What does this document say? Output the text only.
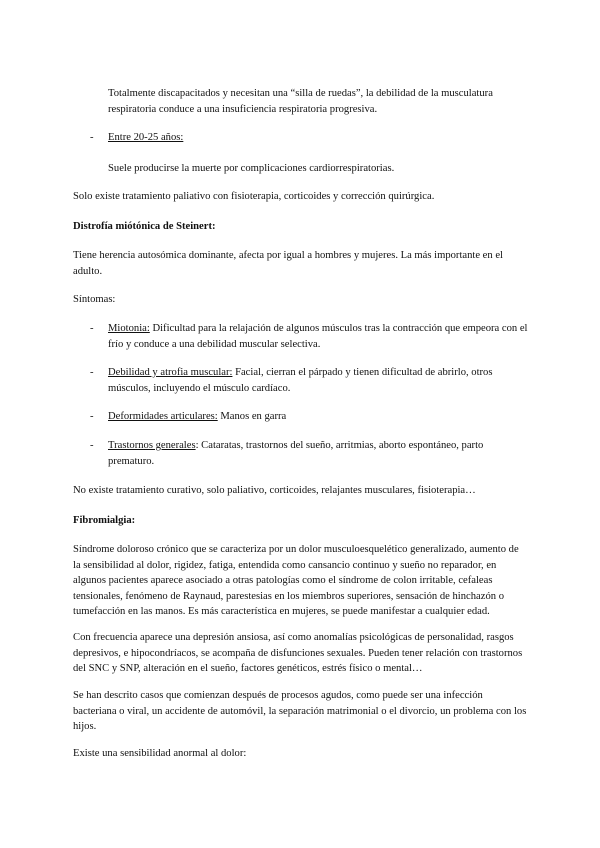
Totalmente discapacitados y necesitan una “silla de ruedas”, la debilidad de la musculatura respiratoria conduce a una insuficiencia respiratoria progresiva.

- Entre 20-25 años:

Suele producirse la muerte por complicaciones cardiorrespiratorias.

Solo existe tratamiento paliativo con fisioterapia, corticoides y corrección quirúrgica.

Distrofía miótónica de Steinert:

Tiene herencia autosómica dominante, afecta por igual a hombres y mujeres. La más importante en el adulto.

Síntomas:

- Miotonia: Dificultad para la relajación de algunos músculos tras la contracción que empeora con el frío y conduce a una debilidad muscular selectiva.

- Debilidad y atrofia muscular: Facial, cierran el párpado y tienen dificultad de abrirlo, otros músculos, incluyendo el músculo cardíaco.

- Deformidades articulares: Manos en garra

- Trastornos generales: Cataratas, trastornos del sueño, arritmias, aborto espontáneo, parto prematuro.

No existe tratamiento curativo, solo paliativo, corticoides, relajantes musculares, fisioterapia…

Fibromialgia:

Síndrome doloroso crónico que se caracteriza por un dolor musculoesquelético generalizado, aumento de la sensibilidad al dolor, rigidez, fatiga, entendida como cansancio continuo y sueño no reparador, en algunos pacientes aparece asociado a otras patologías como el síndrome de colon irritable, cefaleas tensionales, fenómeno de Raynaud, parestesias en los miembros superiores, sensación de hinchazón o tumefacción en las manos. Es más característica en mujeres, se puede manifestar a cualquier edad.

Con frecuencia aparece una depresión ansiosa, así como anomalías psicológicas de personalidad, rasgos depresivos, e hipocondríacos, se acompaña de disfunciones sexuales. Pueden tener relación con trastornos del SNC y SNP, alteración en el sueño, factores genéticos, estrés físico o mental…

Se han descrito casos que comienzan después de procesos agudos, como puede ser una infección bacteriana o viral, un accidente de automóvil, la separación matrimonial o el divorcio, un problema con los hijos.

Existe una sensibilidad anormal al dolor:
